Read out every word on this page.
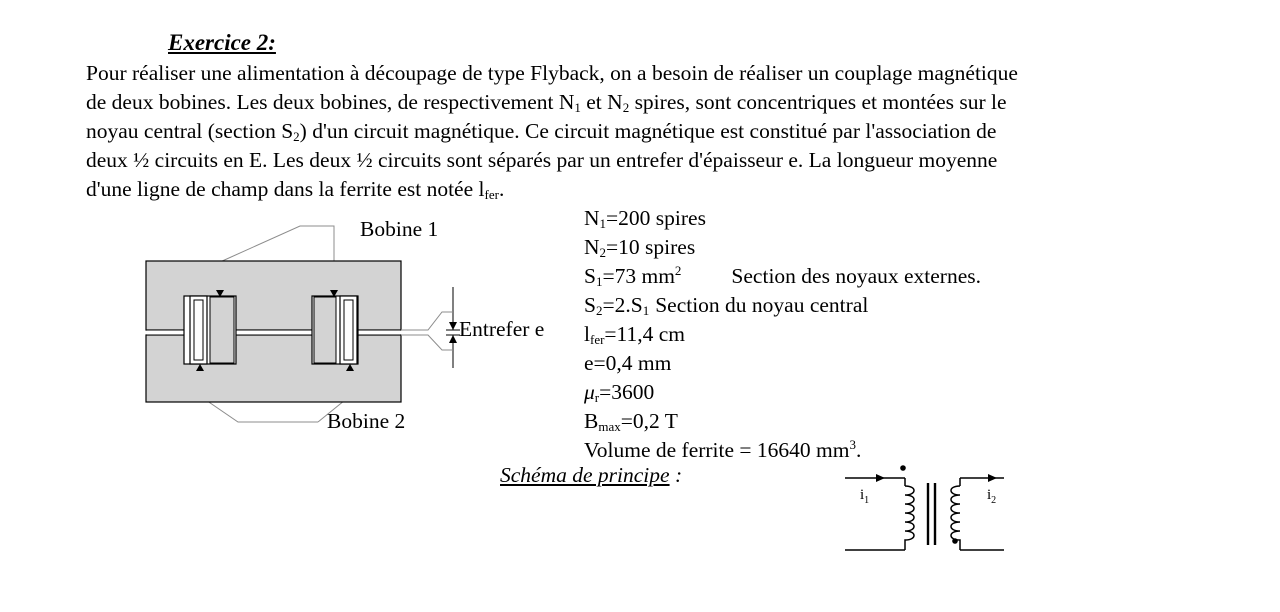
Exercice 2:
Pour réaliser une alimentation à découpage de type Flyback, on a besoin de réaliser un couplage magnétique
de deux bobines. Les deux bobines, de respectivement $N_1$ et $N_2$ spires, sont concentriques et montées sur le
noyau central (section $S_2$) d'un circuit magnétique. Ce circuit magnétique est constitué par l'association de
deux ½ circuits en E. Les deux ½ circuits sont séparés par un entrefer d'épaisseur e. La longueur moyenne
d'une ligne de champ dans la ferrite est notée $l_{fer}$.
$i_1$	$i_2$
Bobine 1
Bobine 2
Entrefer e
$N_1=200$ spires
$N_2=10$ spires
$S_1=73$ $mm^2$ Section des noyaux externes.
$S_2=2.S_1$ Section du noyau central
$l_{fer}=11,4$ cm
e=0,4 mm
$\mu_r=3600$
$B_{max}=0,2$ T
Volume de ferrite = 16640 $mm^3$.
Schéma de principe :
